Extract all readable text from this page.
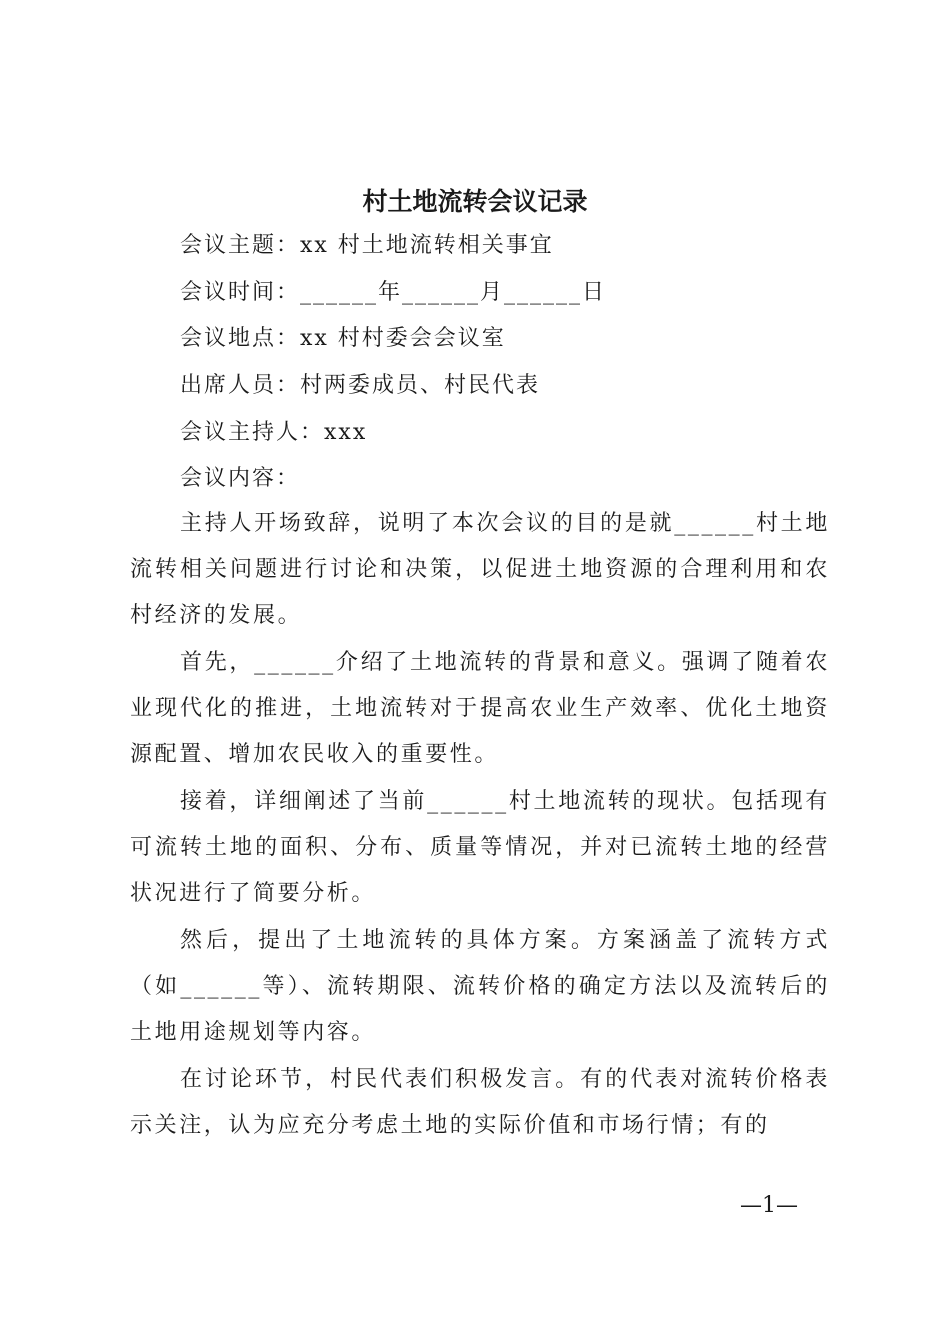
村土地流转会议记录
会议主题：xx 村土地流转相关事宜
会议时间：______年______月______日
会议地点：xx 村村委会会议室
出席人员：村两委成员、村民代表
会议主持人：xxx
会议内容：
主持人开场致辞，说明了本次会议的目的是就______村土地流转相关问题进行讨论和决策，以促进土地资源的合理利用和农村经济的发展。
首先，______介绍了土地流转的背景和意义。强调了随着农业现代化的推进，土地流转对于提高农业生产效率、优化土地资源配置、增加农民收入的重要性。
接着，详细阐述了当前______村土地流转的现状。包括现有可流转土地的面积、分布、质量等情况，并对已流转土地的经营状况进行了简要分析。
然后，提出了土地流转的具体方案。方案涵盖了流转方式（如______等）、流转期限、流转价格的确定方法以及流转后的土地用途规划等内容。
在讨论环节，村民代表们积极发言。有的代表对流转价格表示关注，认为应充分考虑土地的实际价值和市场行情；有的
—1—
